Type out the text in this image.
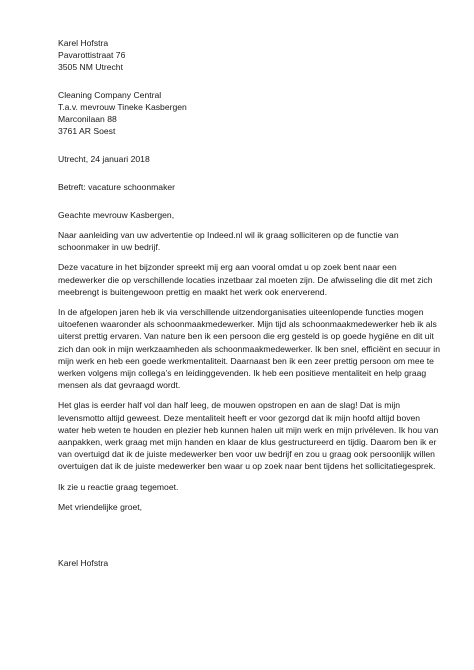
Karel Hofstra
Pavarottistraat 76
3505 NM Utrecht
Cleaning Company Central
T.a.v. mevrouw Tineke Kasbergen
Marconilaan 88
3761 AR Soest
Utrecht, 24 januari 2018
Betreft: vacature schoonmaker
Geachte mevrouw Kasbergen,
Naar aanleiding van uw advertentie op Indeed.nl wil ik graag solliciteren op de functie van
schoonmaker in uw bedrijf.
Deze vacature in het bijzonder spreekt mij erg aan vooral omdat u op zoek bent naar een
medewerker die op verschillende locaties inzetbaar zal moeten zijn. De afwisseling die dit met zich
meebrengt is buitengewoon prettig en maakt het werk ook enerverend.
In de afgelopen jaren heb ik via verschillende uitzendorganisaties uiteenlopende functies mogen
uitoefenen waaronder als schoonmaakmedewerker. Mijn tijd als schoonmaakmedewerker heb ik als
uiterst prettig ervaren. Van nature ben ik een persoon die erg gesteld is op goede hygiëne en dit uit
zich dan ook in mijn werkzaamheden als schoonmaakmedewerker. Ik ben snel, efficiënt en secuur in
mijn werk en heb een goede werkmentaliteit. Daarnaast ben ik een zeer prettig persoon om mee te
werken volgens mijn collega’s en leidinggevenden. Ik heb een positieve mentaliteit en help graag
mensen als dat gevraagd wordt.
Het glas is eerder half vol dan half leeg, de mouwen opstropen en aan de slag! Dat is mijn
levensmotto altijd geweest. Deze mentaliteit heeft er voor gezorgd dat ik mijn hoofd altijd boven
water heb weten te houden en plezier heb kunnen halen uit mijn werk en mijn privéleven. Ik hou van
aanpakken, werk graag met mijn handen en klaar de klus gestructureerd en tijdig. Daarom ben ik er
van overtuigd dat ik de juiste medewerker ben voor uw bedrijf en zou u graag ook persoonlijk willen
overtuigen dat ik de juiste medewerker ben waar u op zoek naar bent tijdens het sollicitatiegesprek.
Ik zie u reactie graag tegemoet.
Met vriendelijke groet,
Karel Hofstra
